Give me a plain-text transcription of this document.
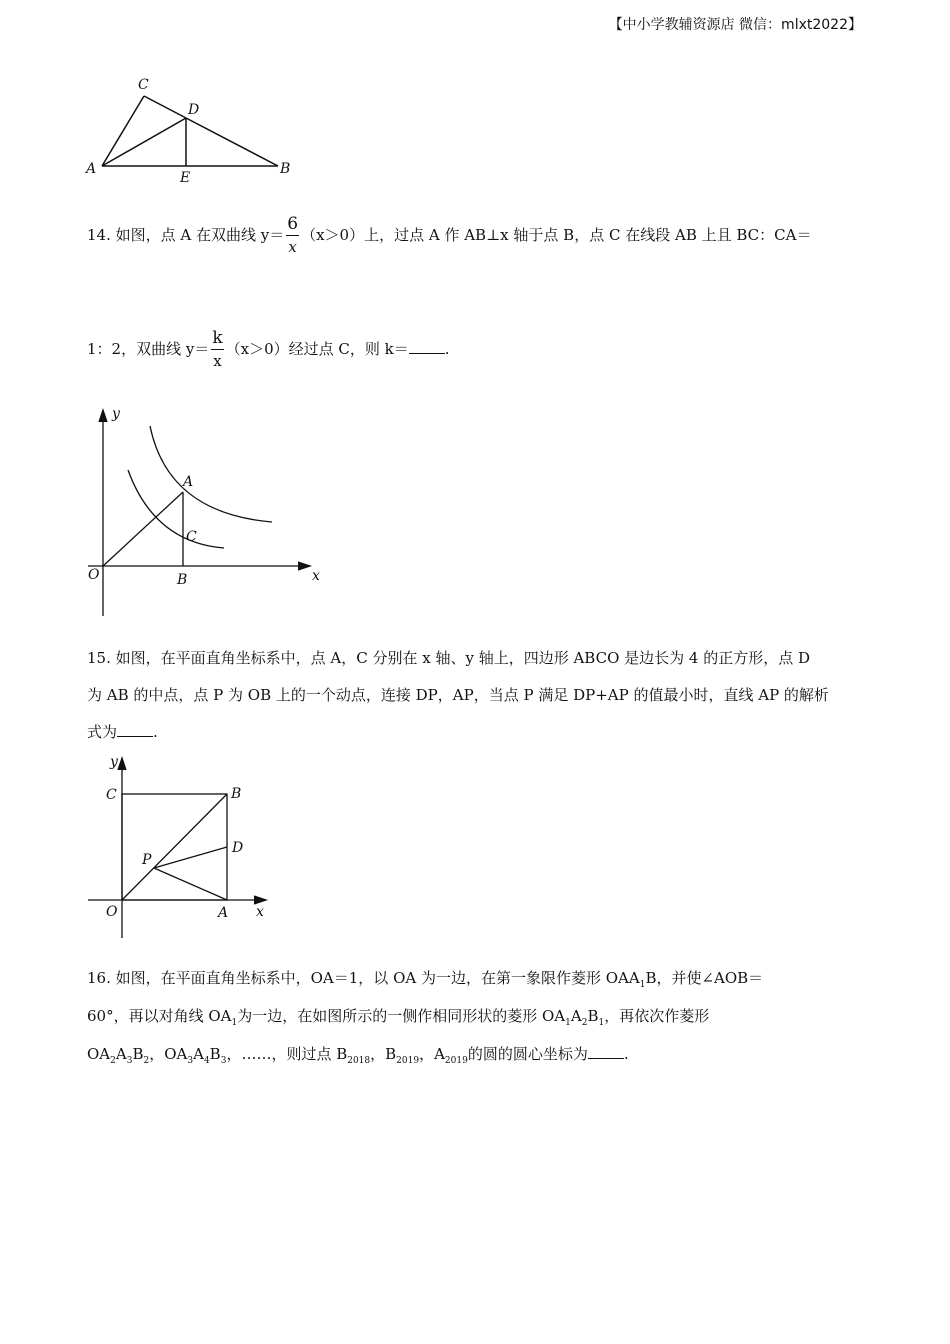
【中小学教辅资源店 微信：mlxt2022】
A
C
D
B
E
14. 如图，点 A 在双曲线 $y= \frac{6}{x} (x>0)$上，过点 A 作 AB⊥x 轴于点 B，点 C 在线段 AB 上且 BC：CA＝
1：2，双曲线 $y= \frac{k}{x} (x>0)$经过点 C，则 k＝ .
y
x
O
A
C
B
15. 如图，在平面直角坐标系中，点 A，C 分别在 x 轴、y 轴上，四边形 ABCO 是边长为 4 的正方形，点 D
为 AB 的中点，点 P 为 OB 上的一个动点，连接 DP，AP，当点 P 满足 DP+AP 的值最小时，直线 AP 的解析
式为 .
y
x
O	A
B
C
D
P
16. 如图，在平面直角坐标系中，OA＝1，以 OA 为一边，在第一象限作菱形 $OAA_1B$，并使∠AOB＝
60°，再以对角线 $OA_1$为一边，在如图所示的一侧作相同形状的菱形 $OA_1A_2B_1$，再依次作菱形
$OA_2A_3B_2$，$OA_3A_4B_3$，……，则过点 $B_{2018}$，$B_{2019}$，$A_{2019}$的圆的圆心坐标为 .
